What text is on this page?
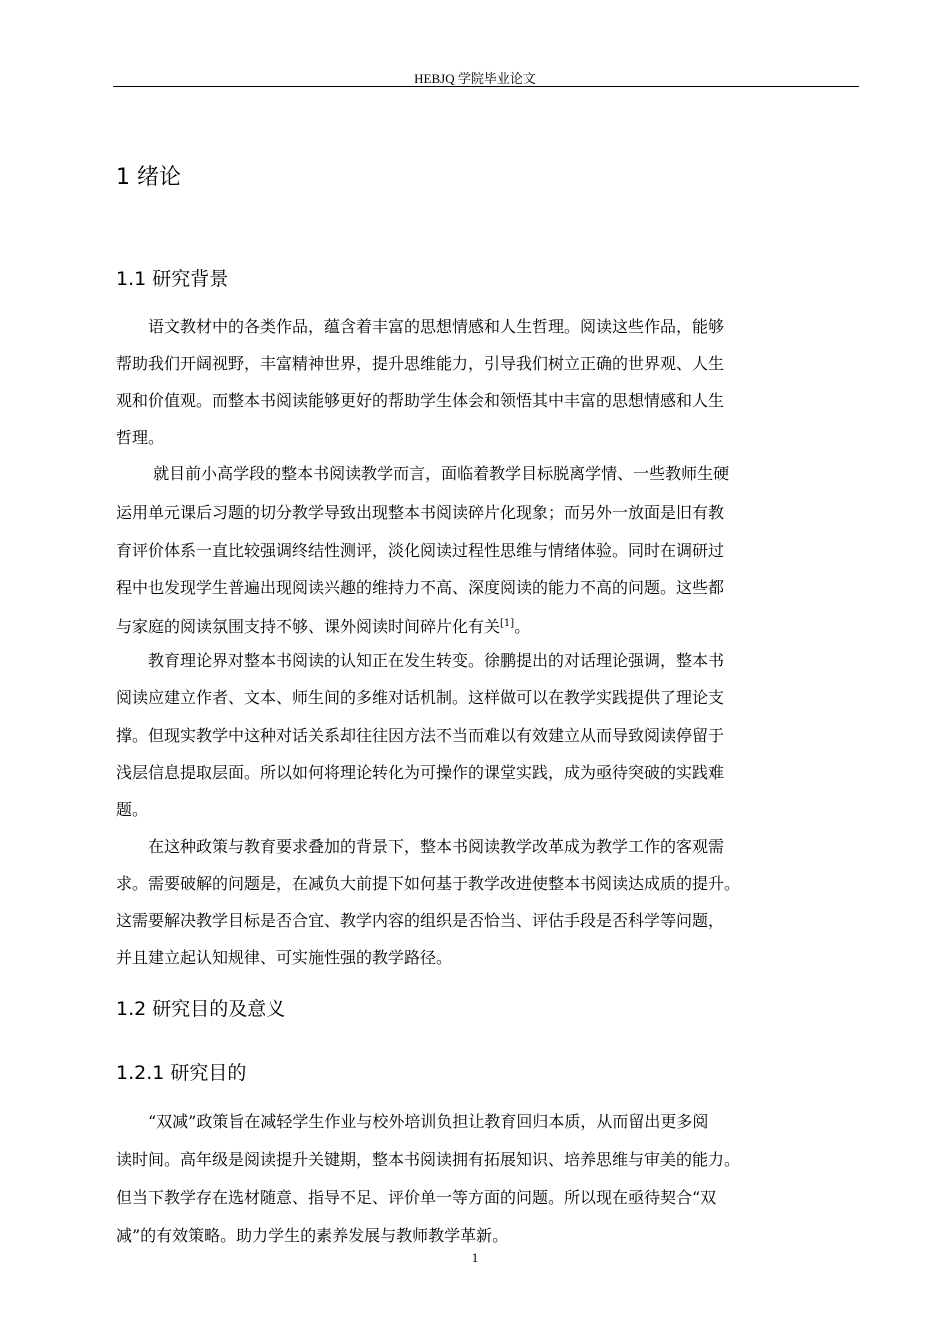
HEBJQ 学院毕业论文
1 绪论
1.1 研究背景
　　语文教材中的各类作品，蕴含着丰富的思想情感和人生哲理。阅读这些作品，能够
帮助我们开阔视野，丰富精神世界，提升思维能力，引导我们树立正确的世界观、人生
观和价值观。而整本书阅读能够更好的帮助学生体会和领悟其中丰富的思想情感和人生
哲理。
　　 就目前小高学段的整本书阅读教学而言，面临着教学目标脱离学情、一些教师生硬
运用单元课后习题的切分教学导致出现整本书阅读碎片化现象；而另外一放面是旧有教
育评价体系一直比较强调终结性测评，淡化阅读过程性思维与情绪体验。同时在调研过
程中也发现学生普遍出现阅读兴趣的维持力不高、深度阅读的能力不高的问题。这些都
与家庭的阅读氛围支持不够、课外阅读时间碎片化有关[1]。
　　教育理论界对整本书阅读的认知正在发生转变。徐鹏提出的对话理论强调，整本书
阅读应建立作者、文本、师生间的多维对话机制。这样做可以在教学实践提供了理论支
撑。但现实教学中这种对话关系却往往因方法不当而难以有效建立从而导致阅读停留于
浅层信息提取层面。所以如何将理论转化为可操作的课堂实践，成为亟待突破的实践难
题。
　　在这种政策与教育要求叠加的背景下，整本书阅读教学改革成为教学工作的客观需
求。需要破解的问题是，在减负大前提下如何基于教学改进使整本书阅读达成质的提升。
这需要解决教学目标是否合宜、教学内容的组织是否恰当、评估手段是否科学等问题，
并且建立起认知规律、可实施性强的教学路径。
1.2 研究目的及意义
1.2.1 研究目的
　　“双减”政策旨在减轻学生作业与校外培训负担让教育回归本质，从而留出更多阅
读时间。高年级是阅读提升关键期，整本书阅读拥有拓展知识、培养思维与审美的能力。
但当下教学存在选材随意、指导不足、评价单一等方面的问题。所以现在亟待契合“双
减”的有效策略。助力学生的素养发展与教师教学革新。
1
